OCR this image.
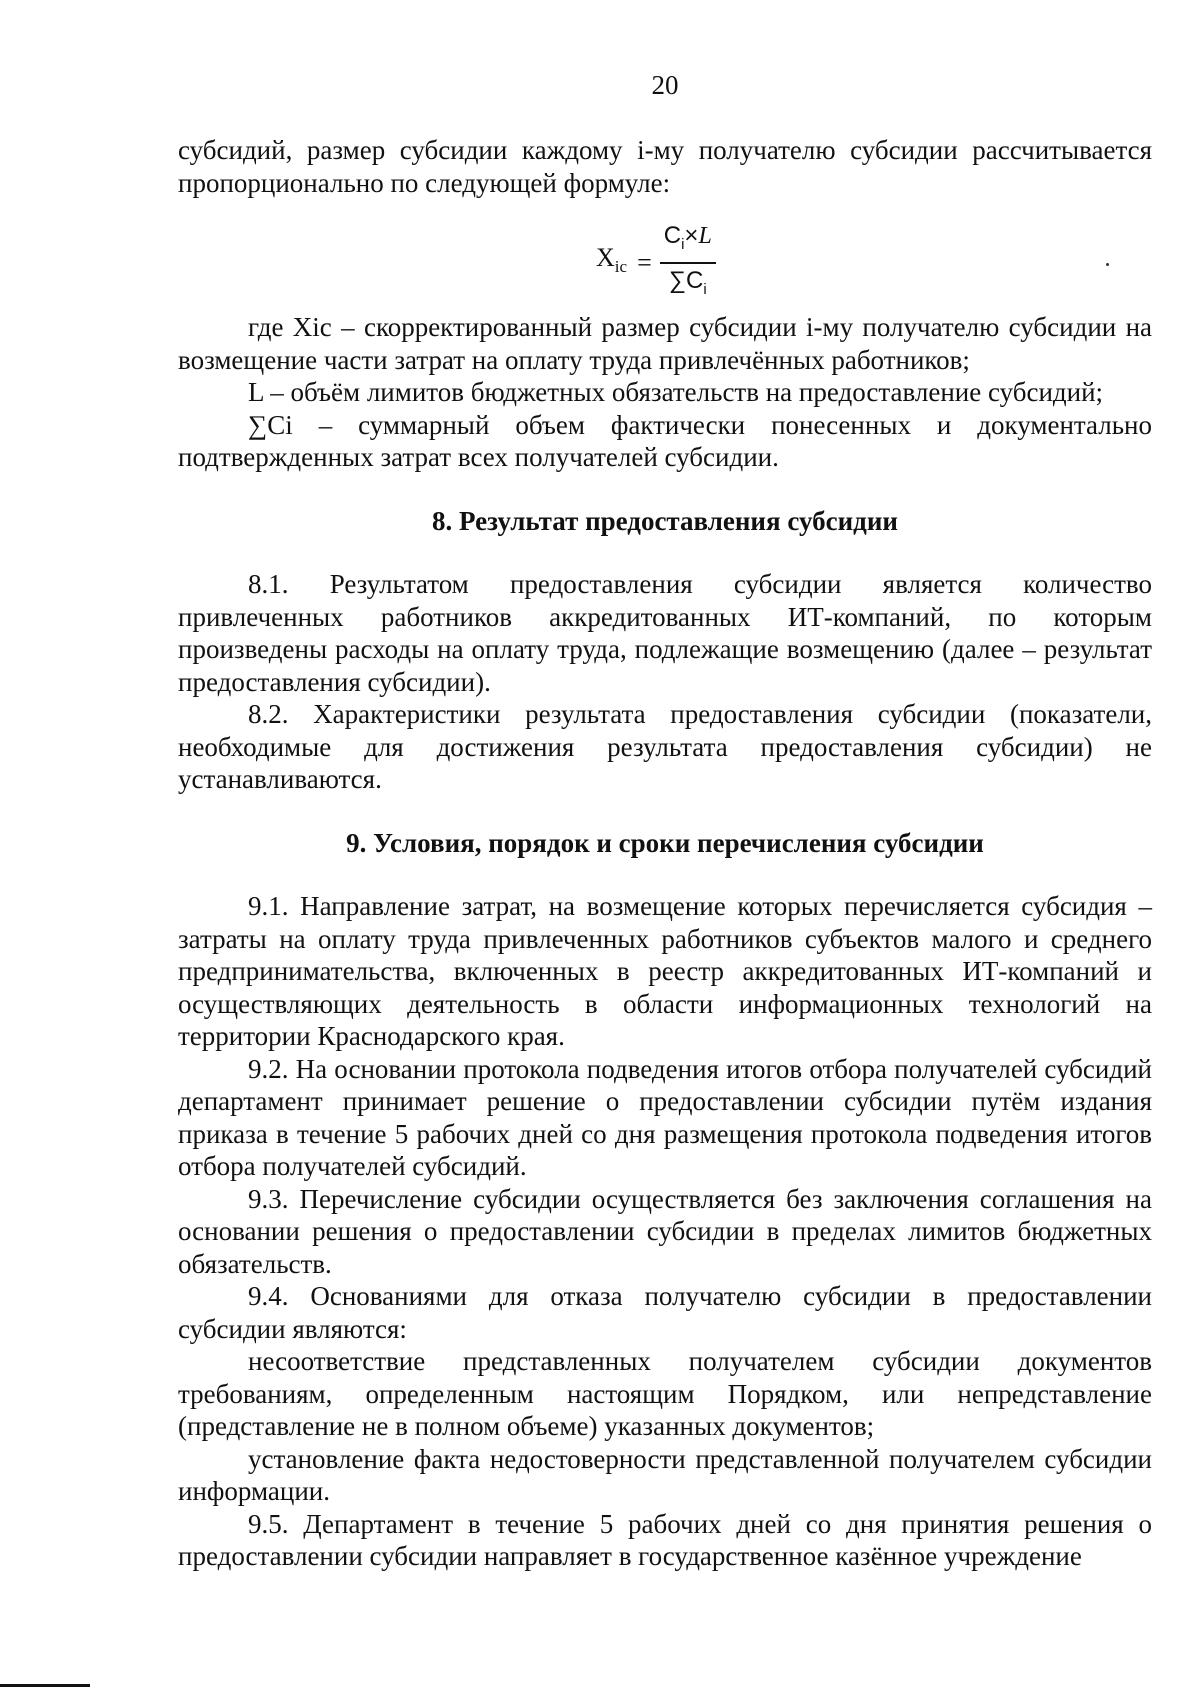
20

субсидий, размер субсидии каждому i-му получателю субсидии рассчитывается пропорционально по следующей формуле:

$X_{ic} = \frac{C_i\times L}{\sum C_i}$

где Xic – скорректированный размер субсидии i-му получателю субсидии на возмещение части затрат на оплату труда привлечённых работников;

L – объём лимитов бюджетных обязательств на предоставление субсидий;

∑Ci – суммарный объем фактически понесенных и документально подтвержденных затрат всех получателей субсидии.

8. Результат предоставления субсидии

8.1. Результатом предоставления субсидии является количество привлеченных работников аккредитованных ИТ-компаний, по которым произведены расходы на оплату труда, подлежащие возмещению (далее – результат предоставления субсидии).

8.2. Характеристики результата предоставления субсидии (показатели, необходимые для достижения результата предоставления субсидии) не устанавливаются.

9. Условия, порядок и сроки перечисления субсидии

9.1. Направление затрат, на возмещение которых перечисляется субсидия – затраты на оплату труда привлеченных работников субъектов малого и среднего предпринимательства, включенных в реестр аккредитованных ИТ-компаний и осуществляющих деятельность в области информационных технологий на территории Краснодарского края.

9.2. На основании протокола подведения итогов отбора получателей субсидий департамент принимает решение о предоставлении субсидии путём издания приказа в течение 5 рабочих дней со дня размещения протокола подведения итогов отбора получателей субсидий.

9.3. Перечисление субсидии осуществляется без заключения соглашения на основании решения о предоставлении субсидии в пределах лимитов бюджетных обязательств.

9.4. Основаниями для отказа получателю субсидии в предоставлении субсидии являются:

несоответствие представленных получателем субсидии документов требованиям, определенным настоящим Порядком, или непредставление (представление не в полном объеме) указанных документов;

установление факта недостоверности представленной получателем субсидии информации.

9.5. Департамент в течение 5 рабочих дней со дня принятия решения о предоставлении субсидии направляет в государственное казённое учреждение
